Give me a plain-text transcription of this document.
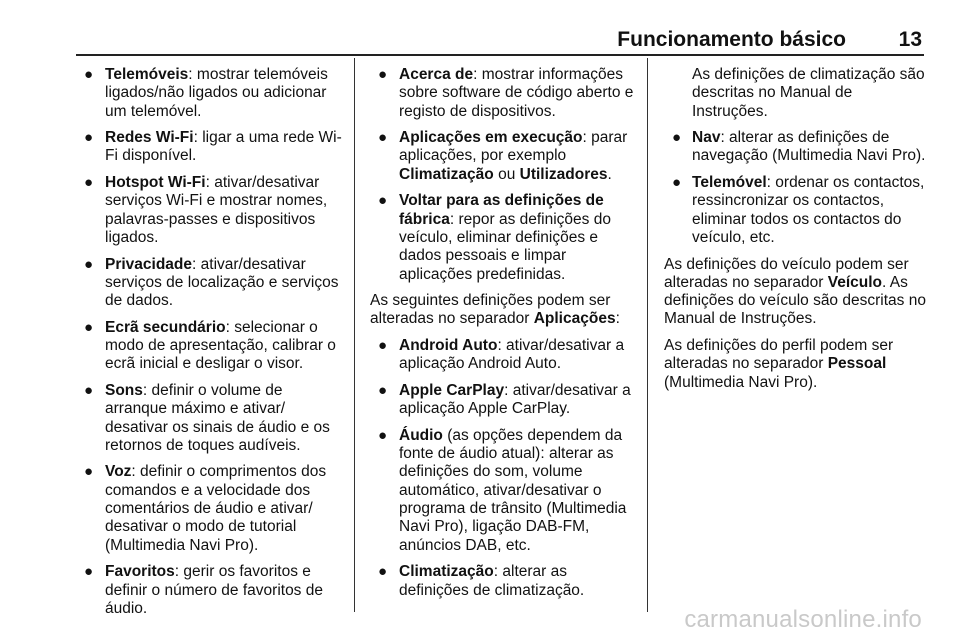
Funcionamento básico	13
● Telemóveis: mostrar telemóveis ligados/não ligados ou adicionar um telemóvel.
● Redes Wi-Fi: ligar a uma rede Wi-Fi disponível.
● Hotspot Wi-Fi: ativar/desativar serviços Wi-Fi e mostrar nomes, palavras-passes e dispositivos ligados.
● Privacidade: ativar/desativar serviços de localização e serviços de dados.
● Ecrã secundário: selecionar o modo de apresentação, calibrar o ecrã inicial e desligar o visor.
● Sons: definir o volume de arranque máximo e ativar/ desativar os sinais de áudio e os retornos de toques audíveis.
● Voz: definir o comprimentos dos comandos e a velocidade dos comentários de áudio e ativar/ desativar o modo de tutorial (Multimedia Navi Pro).
● Favoritos: gerir os favoritos e definir o número de favoritos de áudio.
● Acerca de: mostrar informações sobre software de código aberto e registo de dispositivos.
● Aplicações em execução: parar aplicações, por exemplo Climatização ou Utilizadores.
● Voltar para as definições de fábrica: repor as definições do veículo, eliminar definições e dados pessoais e limpar aplicações predefinidas.
As seguintes definições podem ser alteradas no separador Aplicações:
● Android Auto: ativar/desativar a aplicação Android Auto.
● Apple CarPlay: ativar/desativar a aplicação Apple CarPlay.
● Áudio (as opções dependem da fonte de áudio atual): alterar as definições do som, volume automático, ativar/desativar o programa de trânsito (Multimedia Navi Pro), ligação DAB-FM, anúncios DAB, etc.
● Climatização: alterar as definições de climatização.
As definições de climatização são descritas no Manual de Instruções.
● Nav: alterar as definições de navegação (Multimedia Navi Pro).
● Telemóvel: ordenar os contactos, ressincronizar os contactos, eliminar todos os contactos do veículo, etc.
As definições do veículo podem ser alteradas no separador Veículo. As definições do veículo são descritas no Manual de Instruções.
As definições do perfil podem ser alteradas no separador Pessoal (Multimedia Navi Pro).
carmanualsonline.info
